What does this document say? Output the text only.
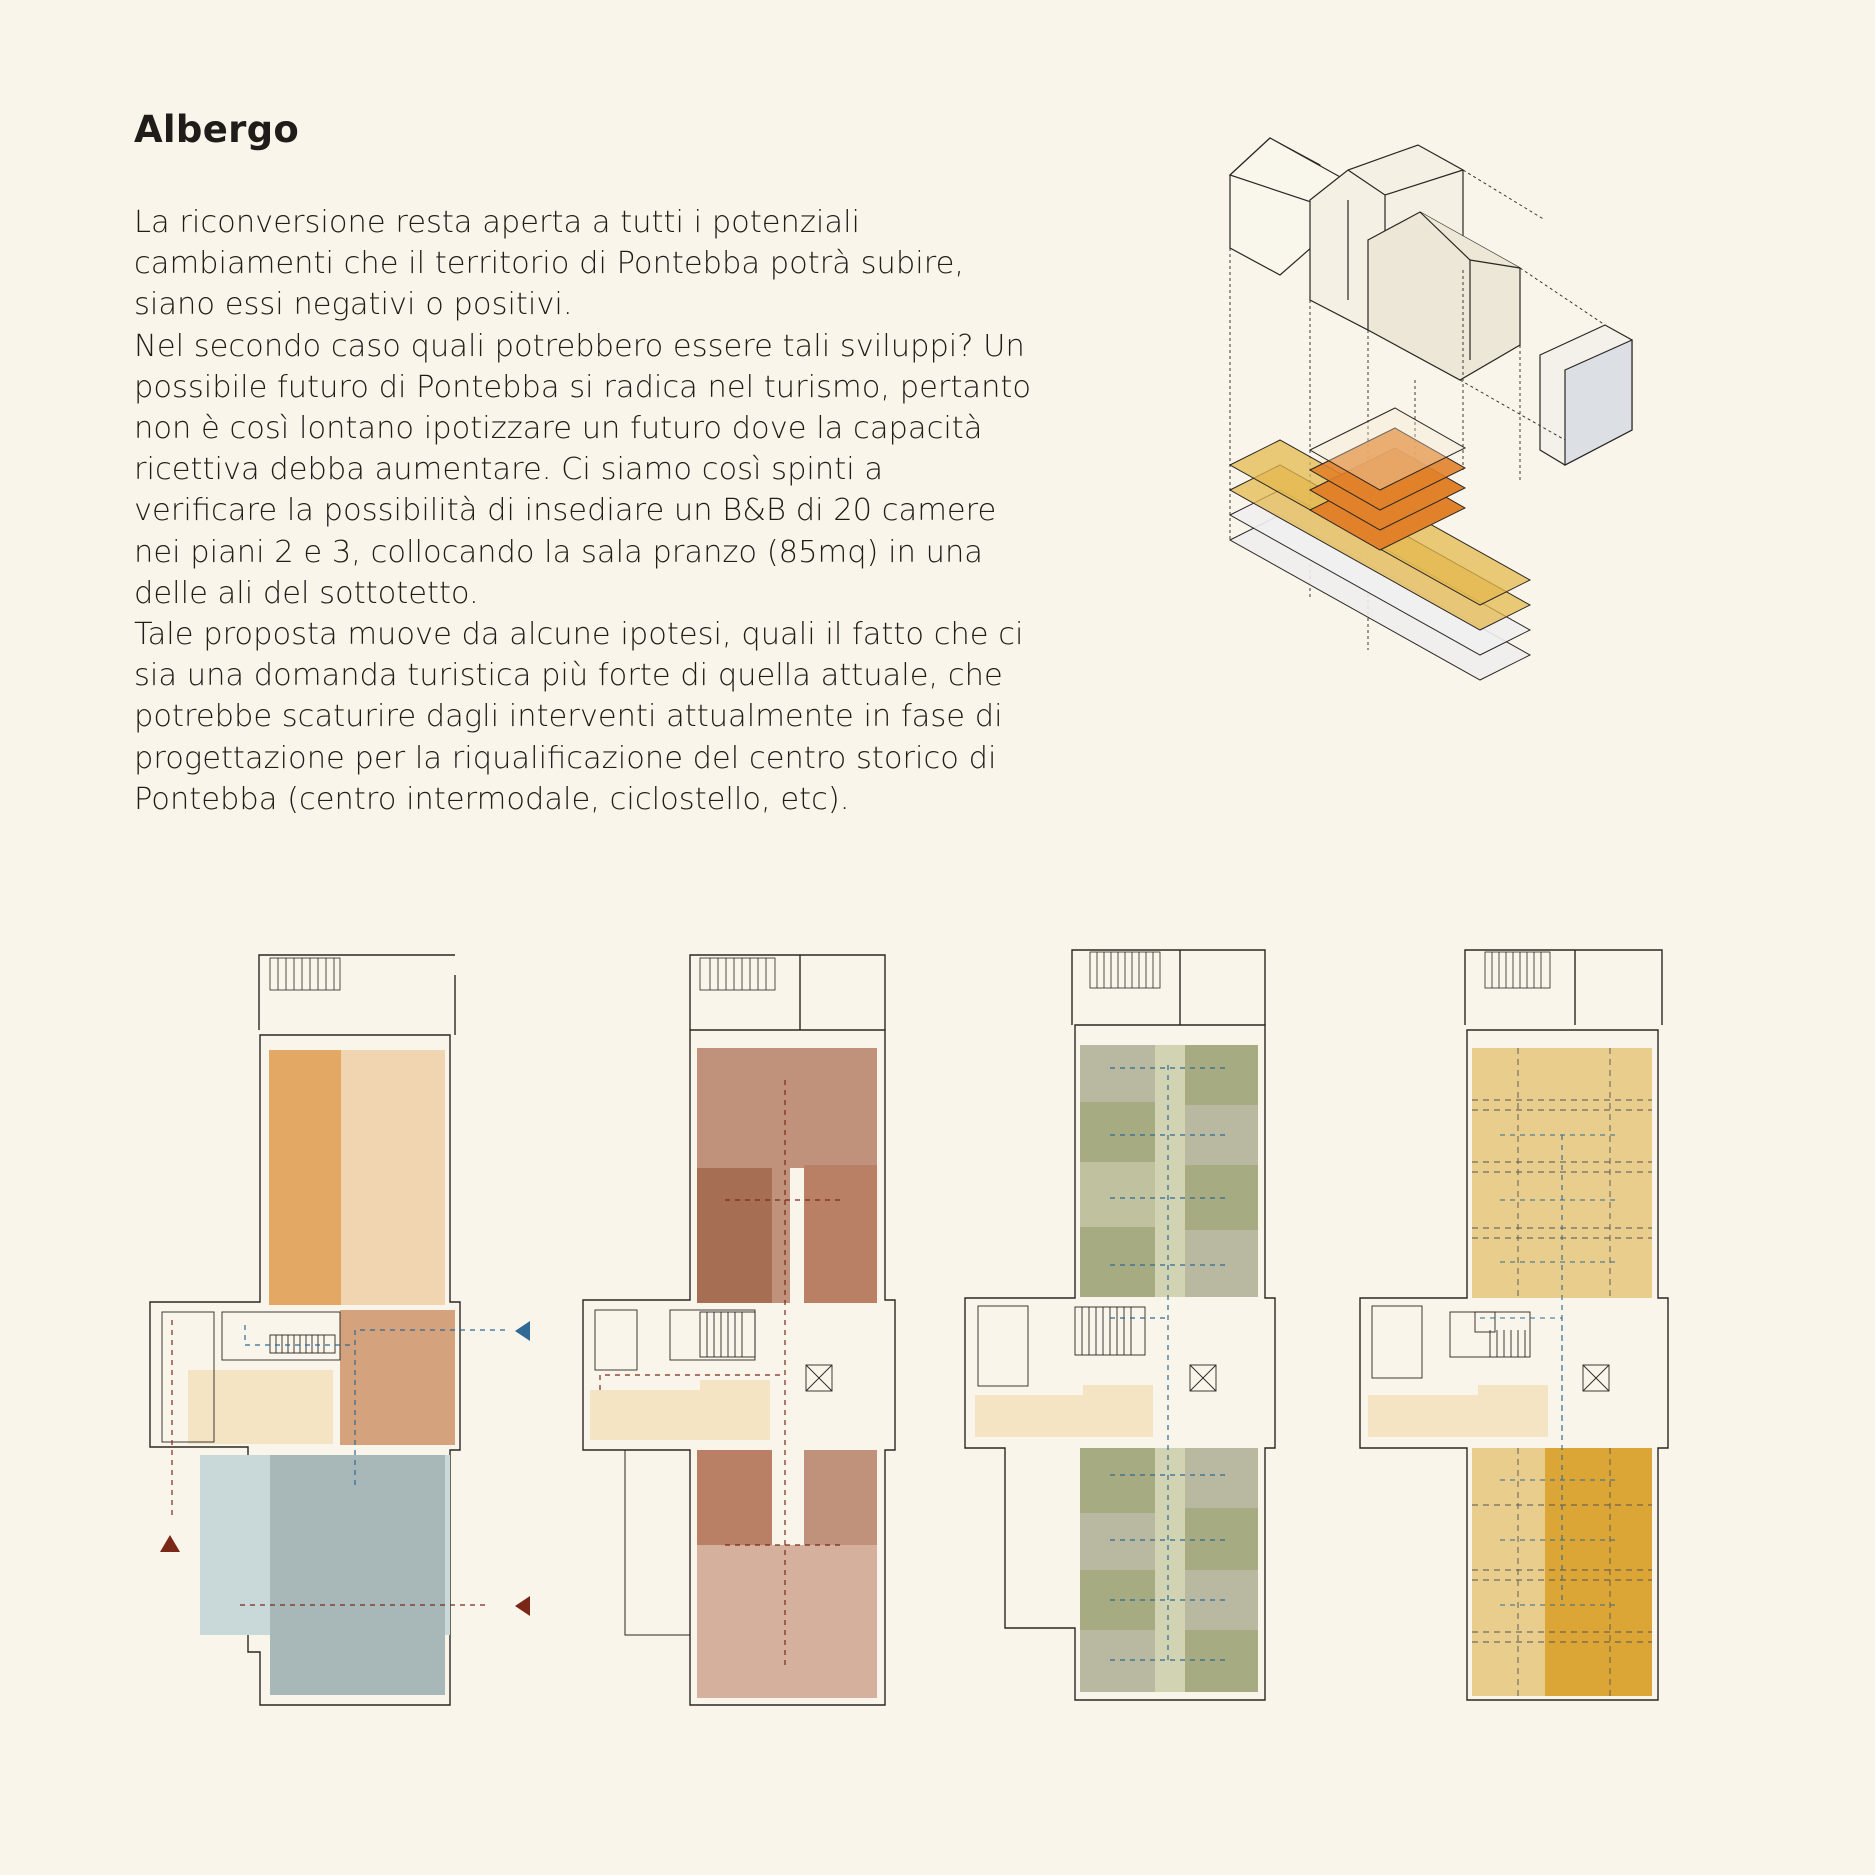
Albergo

La riconversione resta aperta a tutti i potenziali cambiamenti che il territorio di Pontebba potrà subire, siano essi negativi o positivi.

Nel secondo caso quali potrebbero essere tali sviluppi? Un possibile futuro di Pontebba si radica nel turismo, pertanto non è così lontano ipotizzare un futuro dove la capacità ricettiva debba aumentare. Ci siamo così spinti a verificare la possibilità di insediare un B&B di 20 camere nei piani 2 e 3, collocando la sala pranzo (85mq) in una delle ali del sottotetto.

Tale proposta muove da alcune ipotesi, quali il fatto che ci sia una domanda turistica più forte di quella attuale, che potrebbe scaturire dagli interventi attualmente in fase di progettazione per la riqualificazione del centro storico di Pontebba (centro intermodale, ciclostello, etc).
